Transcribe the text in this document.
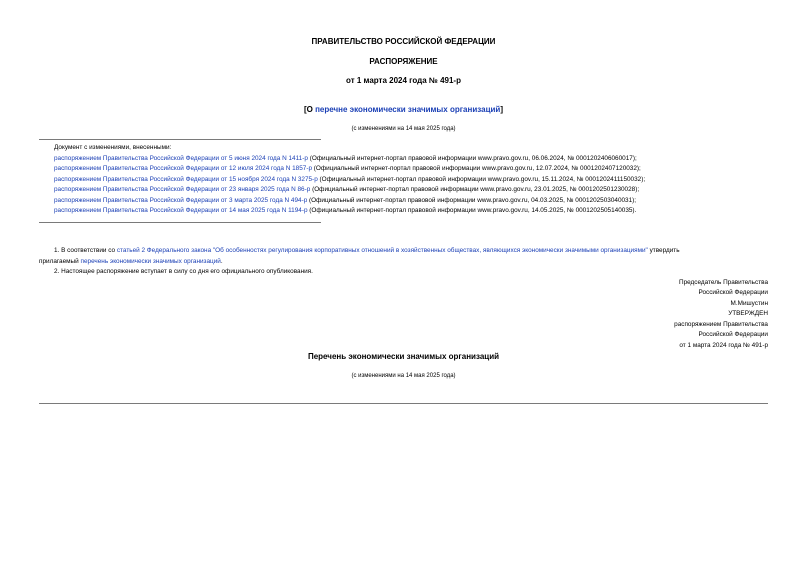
ПРАВИТЕЛЬСТВО РОССИЙСКОЙ ФЕДЕРАЦИИ
РАСПОРЯЖЕНИЕ
от 1 марта 2024 года № 491-р
[О перечне экономически значимых организаций]
(с изменениями на 14 мая 2025 года)
Документ с изменениями, внесенными:
распоряжением Правительства Российской Федерации от 5 июня 2024 года N 1411-р (Официальный интернет-портал правовой информации www.pravo.gov.ru, 06.06.2024, № 0001202406060017);
распоряжением Правительства Российской Федерации от 12 июля 2024 года N 1857-р (Официальный интернет-портал правовой информации www.pravo.gov.ru, 12.07.2024, № 0001202407120032);
распоряжением Правительства Российской Федерации от 15 ноября 2024 года N 3275-р (Официальный интернет-портал правовой информации www.pravo.gov.ru, 15.11.2024, № 0001202411150032);
распоряжением Правительства Российской Федерации от 23 января 2025 года N 86-р (Официальный интернет-портал правовой информации www.pravo.gov.ru, 23.01.2025, № 0001202501230028);
распоряжением Правительства Российской Федерации от 3 марта 2025 года N 494-р (Официальный интернет-портал правовой информации www.pravo.gov.ru, 04.03.2025, № 0001202503040031);
распоряжением Правительства Российской Федерации от 14 мая 2025 года N 1194-р (Официальный интернет-портал правовой информации www.pravo.gov.ru, 14.05.2025, № 0001202505140035).
1. В соответствии со статьей 2 Федерального закона "Об особенностях регулирования корпоративных отношений в хозяйственных обществах, являющихся экономически значимыми организациями" утвердить
прилагаемый перечень экономически значимых организаций.
2. Настоящее распоряжение вступает в силу со дня его официального опубликования.
Председатель Правительства
Российской Федерации
М.Мишустин
УТВЕРЖДЕН
распоряжением Правительства
Российской Федерации
от 1 марта 2024 года № 491-р
Перечень экономически значимых организаций
(с изменениями на 14 мая 2025 года)
